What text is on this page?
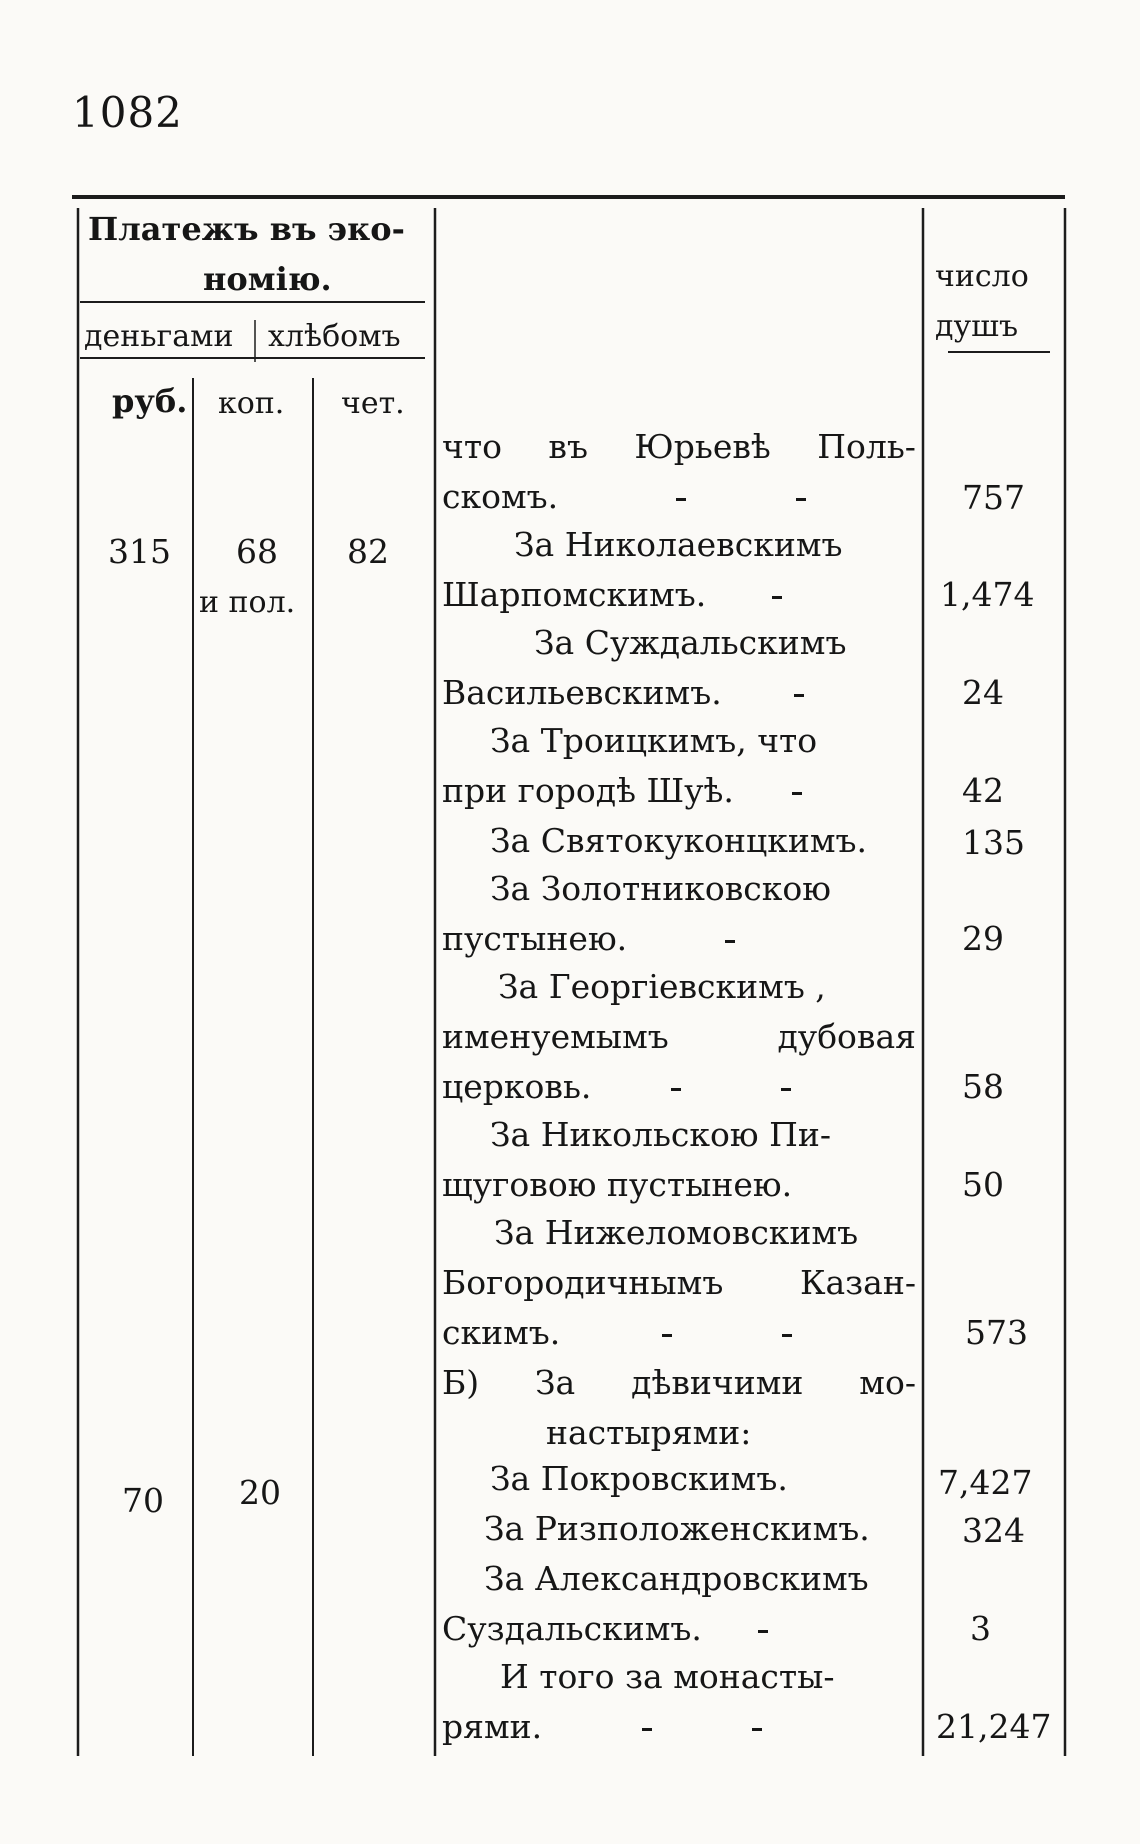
1082
Платежъ въ эко-
номію.
деньгами хлѣбомъ
руб. коп. чет.
число
душъ
315 68
и пол.
82
70 20
что въ Юрьевѣ Поль-
скомъ.
За Николаевскимъ
Шарпомскимъ.
За Суждальскимъ
Васильевскимъ.
За Троицкимъ, что
при городѣ Шуѣ.
За Святокуконцкимъ.
За Золотниковскою
пустынею.
За Георгіевскимъ ,
именуемымъ	дубовая
церковь.
За Никольскою Пи-
щуговою пустынею.
За Нижеломовскимъ
Богородичнымъ Казан-
скимъ.
Б) За дѣвичими мо-
настырями:
За Покровскимъ.
За Ризположенскимъ.
За Александровскимъ
Суздальскимъ.
И того за монасты-
рями.
757
1,474
24
42
135
29
58
50
573
7,427
324
3
21,247
